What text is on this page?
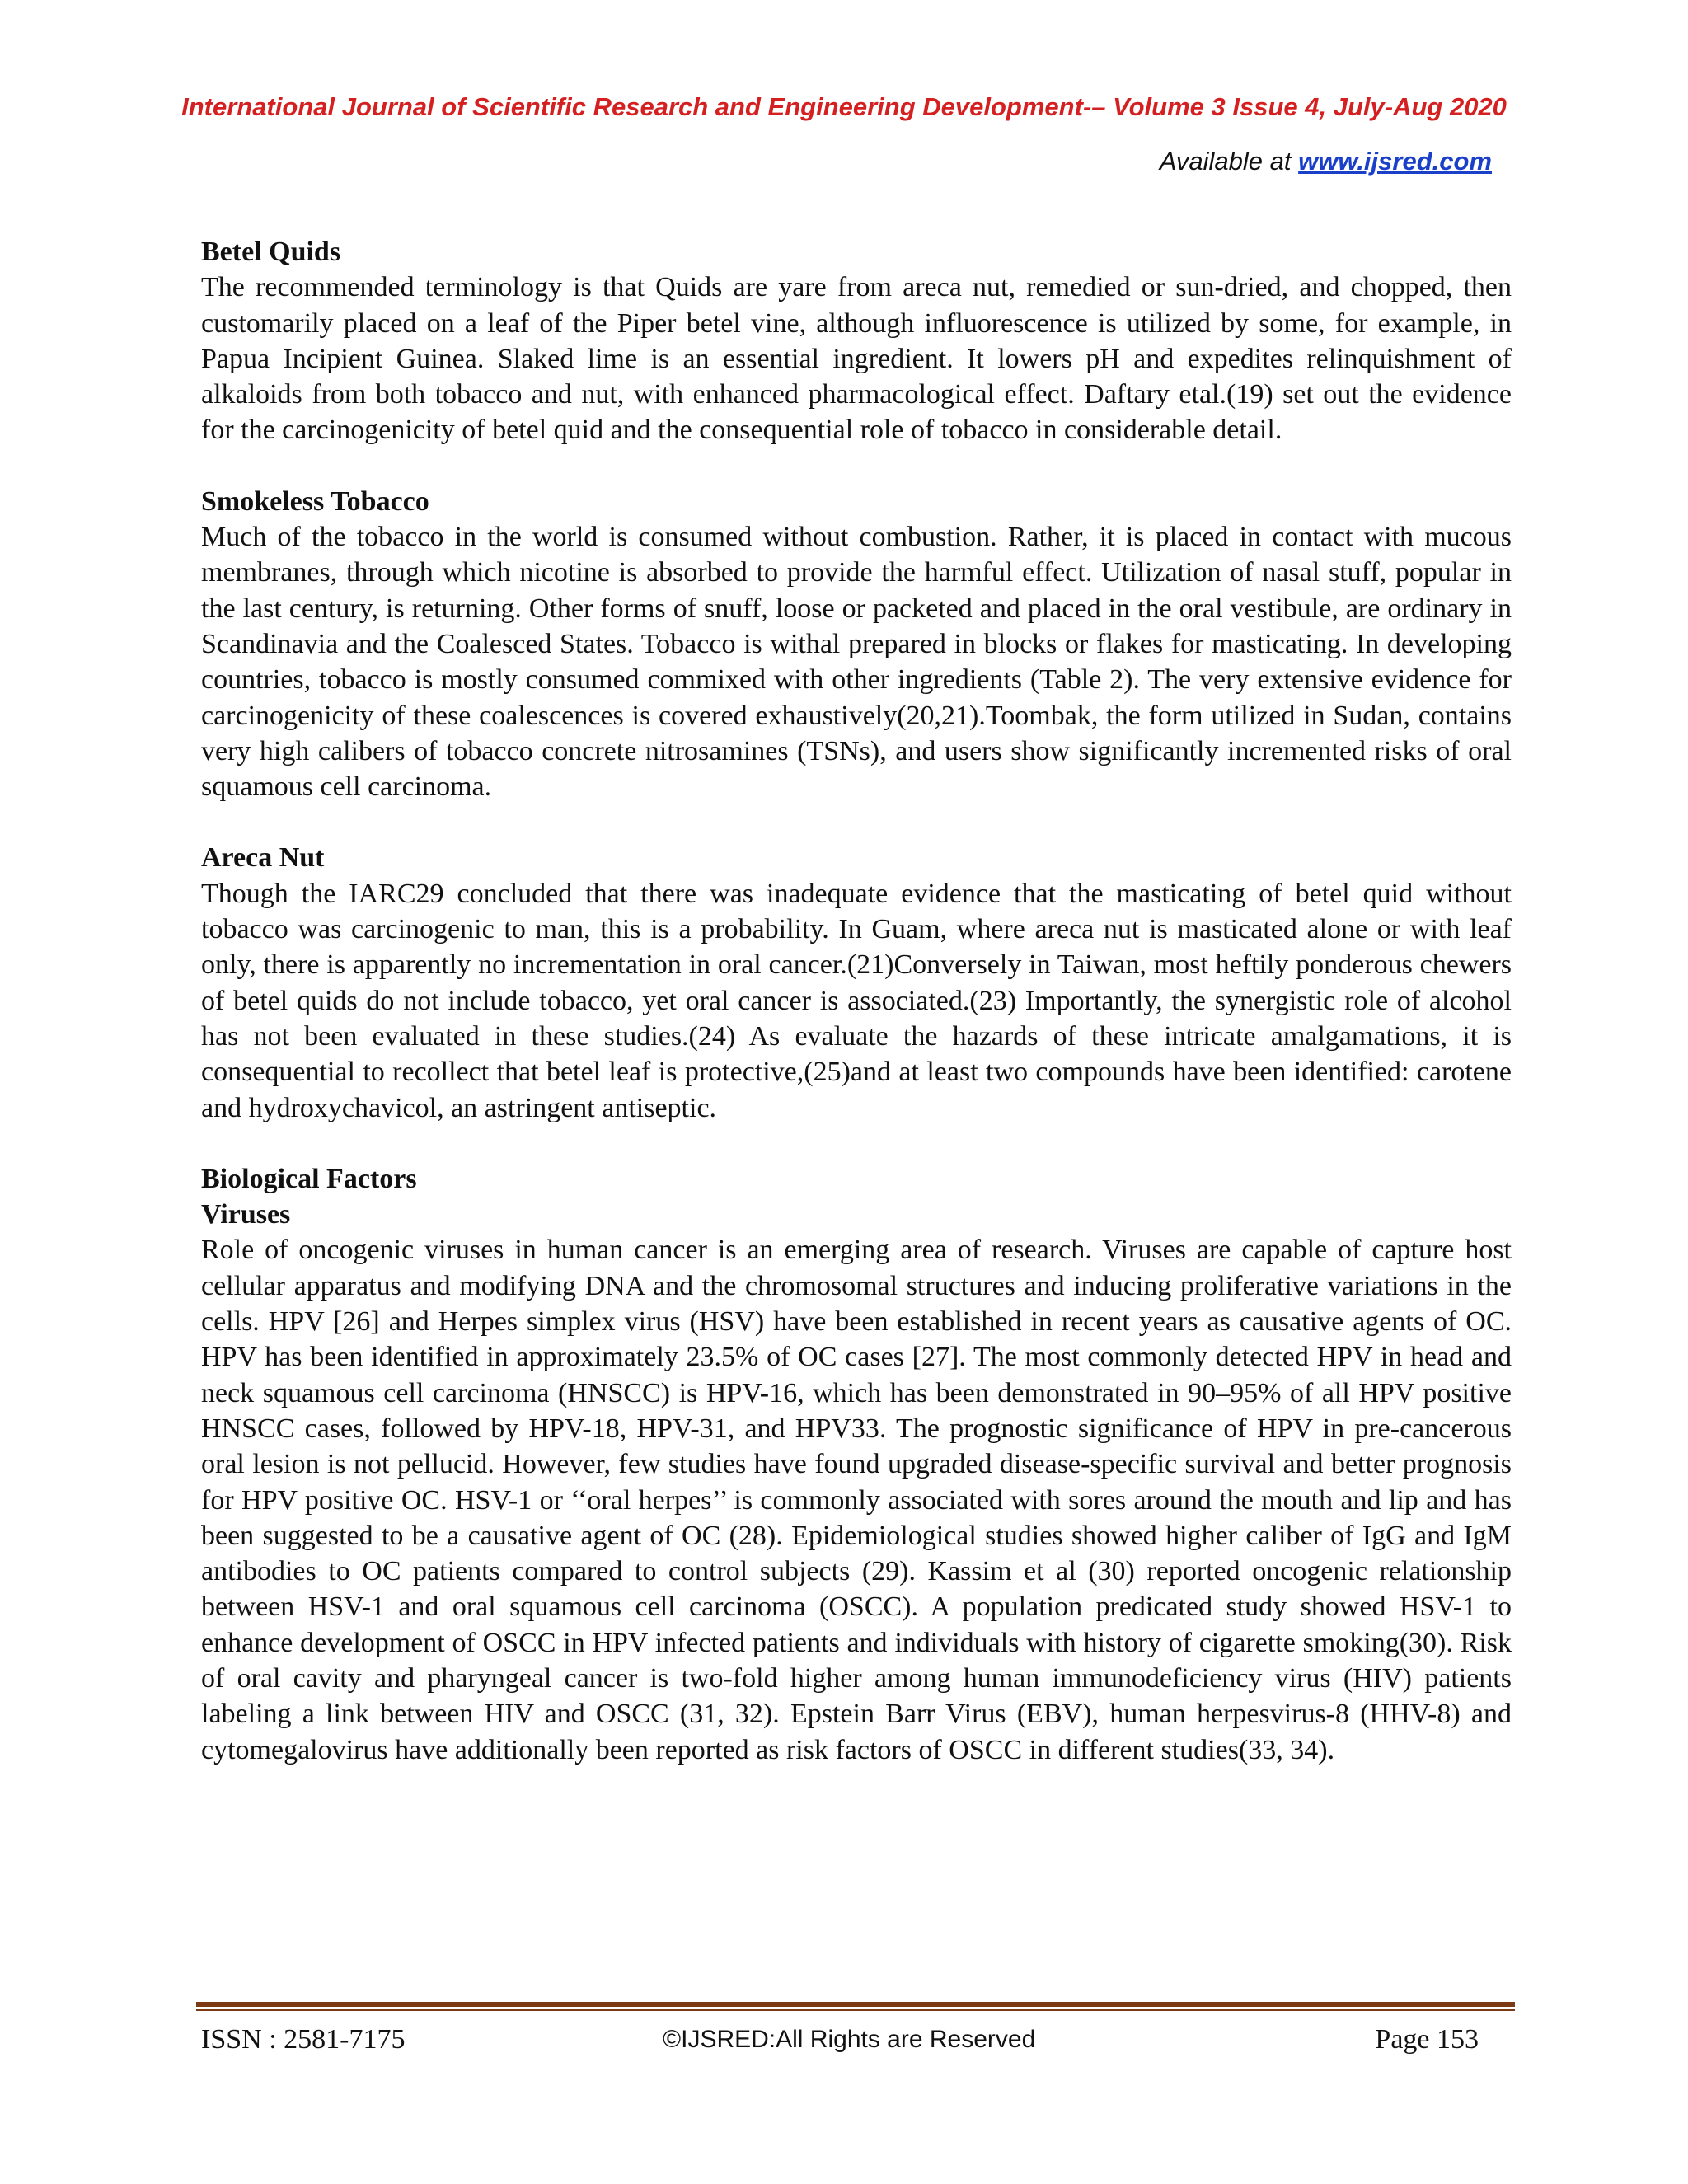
International Journal of Scientific Research and Engineering Development-– Volume 3 Issue 4, July-Aug 2020
Available at www.ijsred.com
Betel Quids

The recommended terminology is that Quids are yare from areca nut, remedied or sun-dried, and chopped, then customarily placed on a leaf of the Piper betel vine, although influorescence is utilized by some, for example, in Papua Incipient Guinea. Slaked lime is an essential ingredient. It lowers pH and expedites relinquishment of alkaloids from both tobacco and nut, with enhanced pharmacological effect. Daftary etal.(19) set out the evidence for the carcinogenicity of betel quid and the consequential role of tobacco in considerable detail.

Smokeless Tobacco

Much of the tobacco in the world is consumed without combustion. Rather, it is placed in contact with mucous membranes, through which nicotine is absorbed to provide the harmful effect. Utilization of nasal stuff, popular in the last century, is returning. Other forms of snuff, loose or packeted and placed in the oral vestibule, are ordinary in Scandinavia and the Coalesced States. Tobacco is withal prepared in blocks or flakes for masticating. In developing countries, tobacco is mostly consumed commixed with other ingredients (Table 2). The very extensive evidence for carcinogenicity of these coalescences is covered exhaustively(20,21).Toombak, the form utilized in Sudan, contains very high calibers of tobacco concrete nitrosamines (TSNs), and users show significantly incremented risks of oral squamous cell carcinoma.

Areca Nut

Though the IARC29 concluded that there was inadequate evidence that the masticating of betel quid without tobacco was carcinogenic to man, this is a probability. In Guam, where areca nut is masticated alone or with leaf only, there is apparently no incrementation in oral cancer.(21)Conversely in Taiwan, most heftily ponderous chewers of betel quids do not include tobacco, yet oral cancer is associated.(23) Importantly, the synergistic role of alcohol has not been evaluated in these studies.(24) As evaluate the hazards of these intricate amalgamations, it is consequential to recollect that betel leaf is protective,(25)and at least two compounds have been identified: carotene and hydroxychavicol, an astringent antiseptic.

Biological Factors
Viruses

Role of oncogenic viruses in human cancer is an emerging area of research. Viruses are capable of capture host cellular apparatus and modifying DNA and the chromosomal structures and inducing proliferative variations in the cells. HPV [26] and Herpes simplex virus (HSV) have been established in recent years as causative agents of OC. HPV has been identified in approximately 23.5% of OC cases [27]. The most commonly detected HPV in head and neck squamous cell carcinoma (HNSCC) is HPV-16, which has been demonstrated in 90–95% of all HPV positive HNSCC cases, followed by HPV-18, HPV-31, and HPV33. The prognostic significance of HPV in pre-cancerous oral lesion is not pellucid. However, few studies have found upgraded disease-specific survival and better prognosis for HPV positive OC. HSV-1 or ‘‘oral herpes’’ is commonly associated with sores around the mouth and lip and has been suggested to be a causative agent of OC (28). Epidemiological studies showed higher caliber of IgG and IgM antibodies to OC patients compared to control subjects (29). Kassim et al (30) reported oncogenic relationship between HSV-1 and oral squamous cell carcinoma (OSCC). A population predicated study showed HSV-1 to enhance development of OSCC in HPV infected patients and individuals with history of cigarette smoking(30). Risk of oral cavity and pharyngeal cancer is two-fold higher among human immunodeficiency virus (HIV) patients labeling a link between HIV and OSCC (31, 32). Epstein Barr Virus (EBV), human herpesvirus-8 (HHV-8) and cytomegalovirus have additionally been reported as risk factors of OSCC in different studies(33, 34).

ISSN : 2581-7175	©IJSRED:All Rights are Reserved	Page 153
